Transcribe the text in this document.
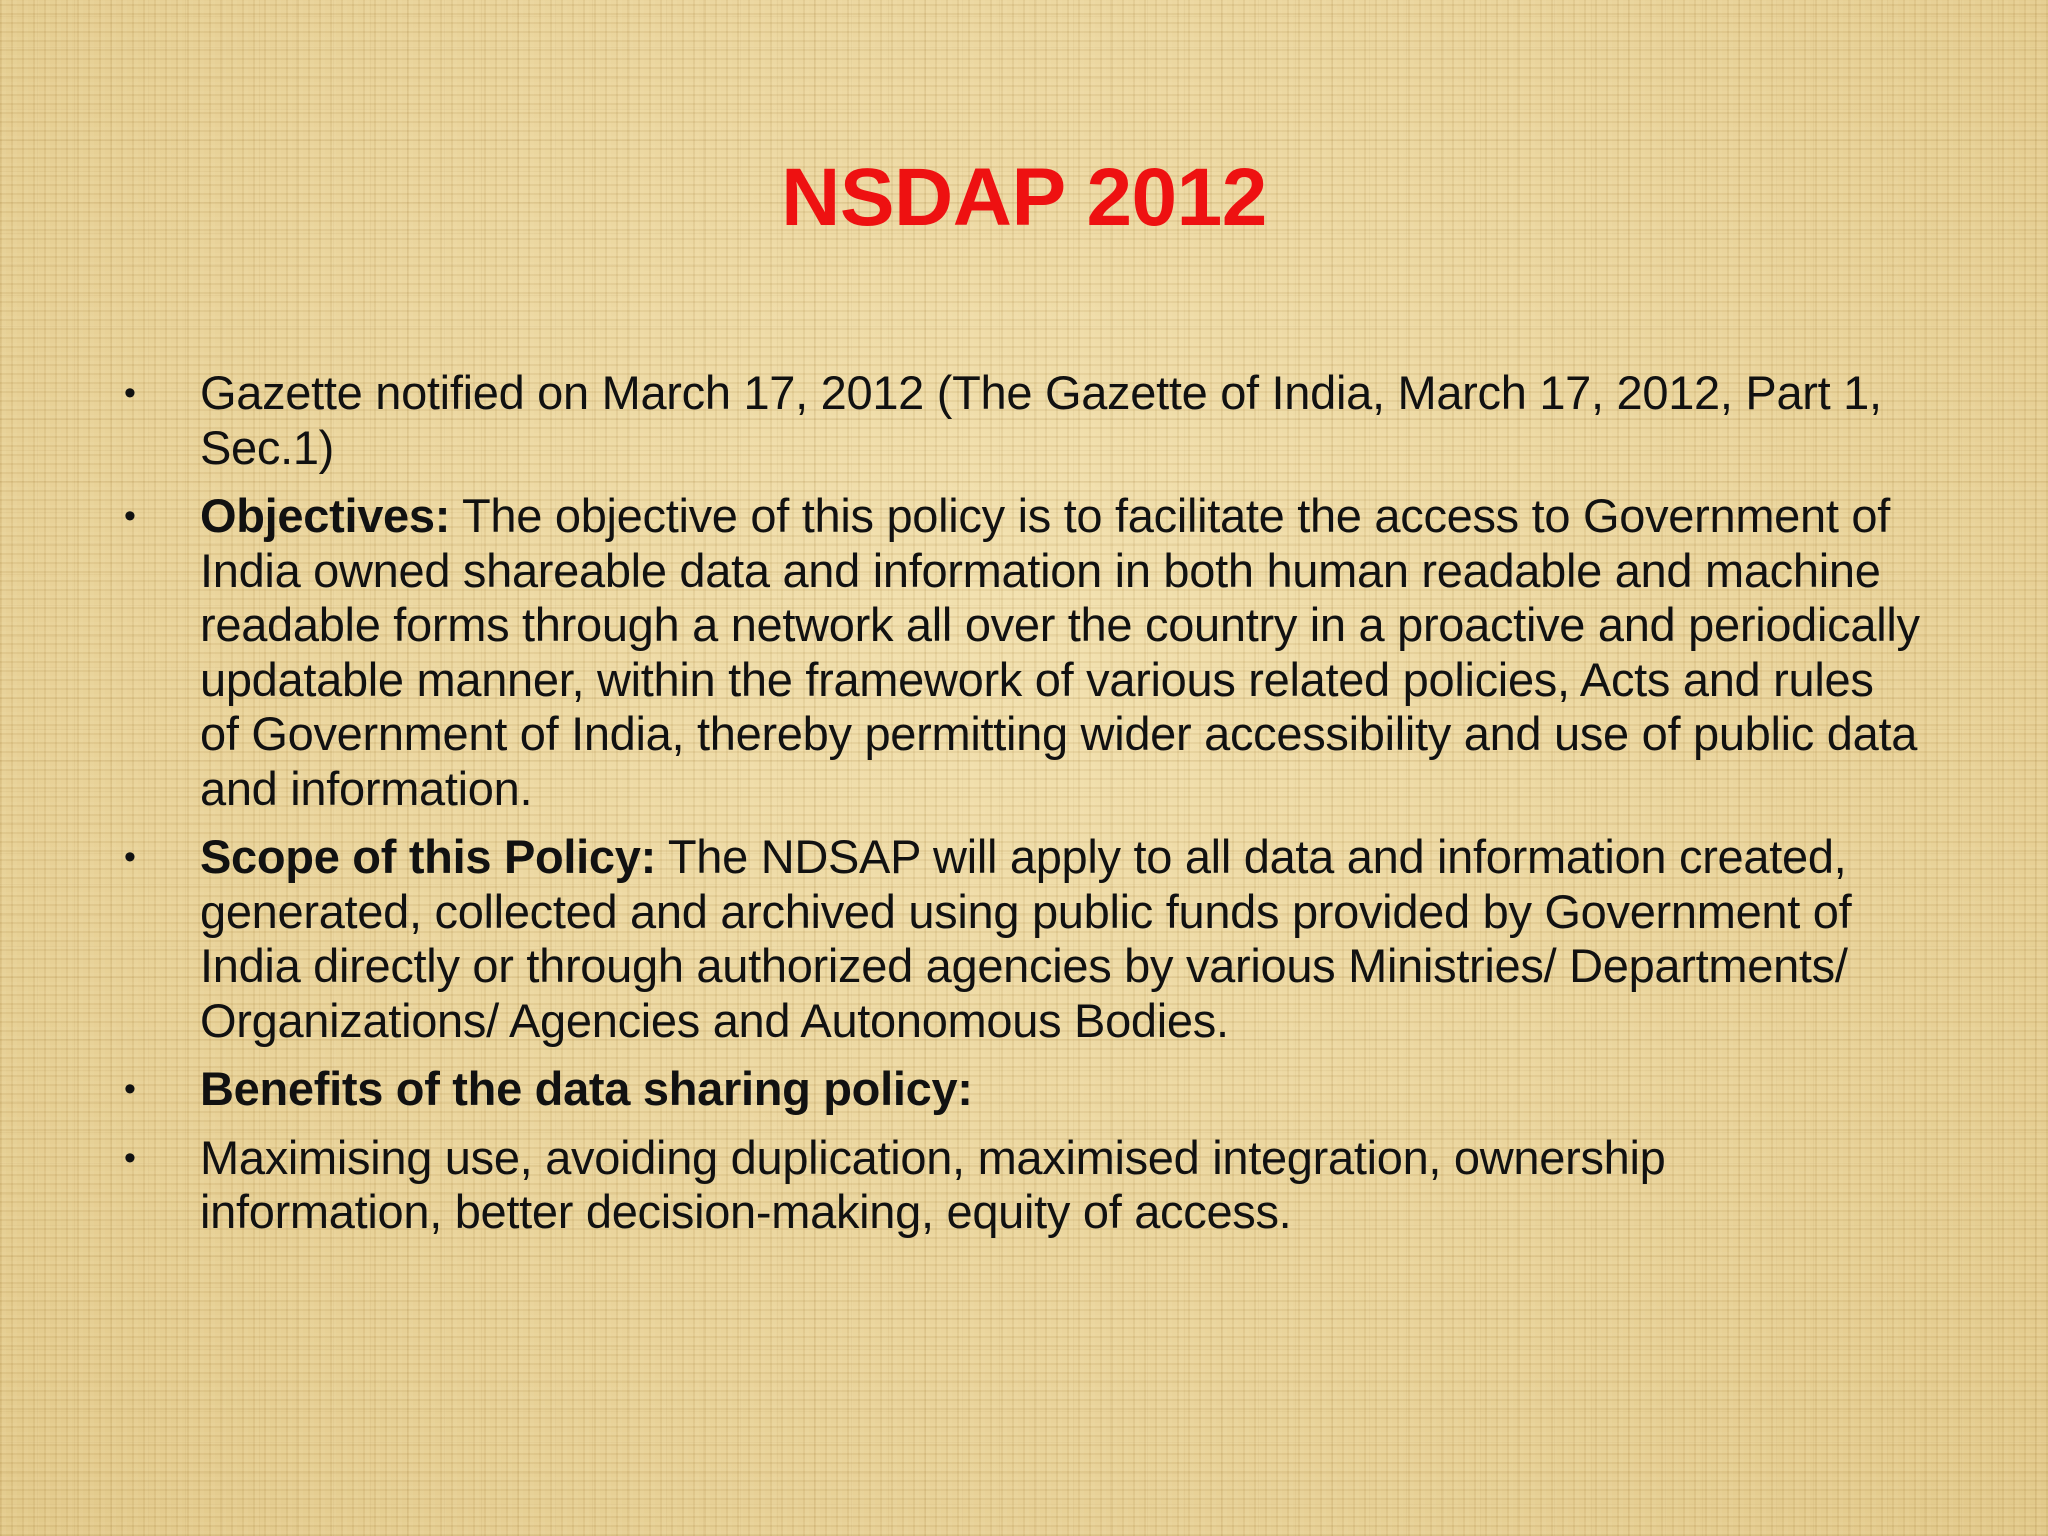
NSDAP 2012
• Gazette notified on March 17, 2012 (The Gazette of India, March 17, 2012, Part 1, Sec.1)
• Objectives: The objective of this policy is to facilitate the access to Government of India owned shareable data and information in both human readable and machine readable forms through a network all over the country in a proactive and periodically updatable manner, within the framework of various related policies, Acts and rules of Government of India, thereby permitting wider accessibility and use of public data and information.
• Scope of this Policy: The NDSAP will apply to all data and information created, generated, collected and archived using public funds provided by Government of India directly or through authorized agencies by various Ministries/ Departments/ Organizations/ Agencies and Autonomous Bodies.
• Benefits of the data sharing policy:
• Maximising use, avoiding duplication, maximised integration, ownership information, better decision-making, equity of access.
